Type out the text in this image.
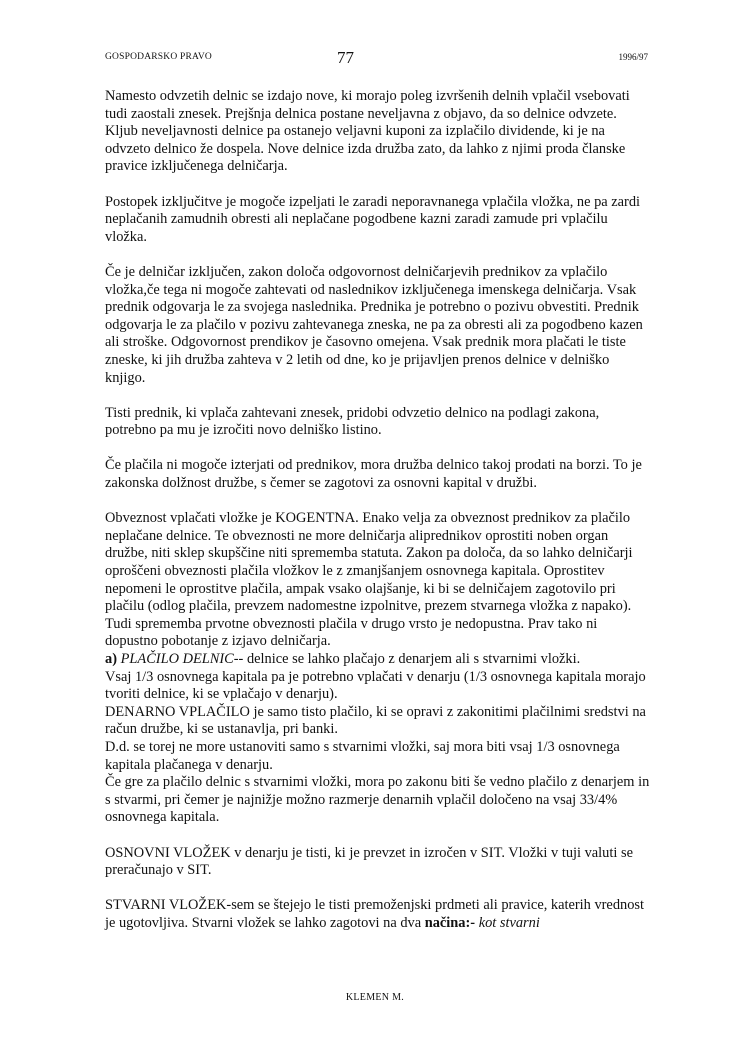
GOSPODARSKO PRAVO	77	1996/97

Namesto odvzetih delnic se izdajo nove, ki morajo poleg izvršenih delnih vplačil vsebovati tudi zaostali znesek. Prejšnja delnica postane neveljavna z objavo, da so delnice odvzete. Kljub neveljavnosti delnice pa ostanejo veljavni kuponi za izplačilo dividende, ki je na odvzeto delnico že dospela. Nove delnice izda družba zato, da lahko z njimi proda članske pravice izključenega delničarja.

Postopek izključitve je mogoče izpeljati le zaradi neporavnanega vplačila vložka, ne pa zardi neplačanih zamudnih obresti ali neplačane pogodbene kazni zaradi zamude pri vplačilu vložka.

Če je delničar izključen, zakon določa odgovornost delničarjevih prednikov za vplačilo vložka,če tega ni mogoče zahtevati od naslednikov izključenega imenskega delničarja. Vsak prednik odgovarja le za svojega naslednika. Prednika je potrebno o pozivu obvestiti. Prednik odgovarja le za plačilo v pozivu zahtevanega zneska, ne pa za obresti ali za pogodbeno kazen ali stroške. Odgovornost prendikov je časovno omejena. Vsak prednik mora plačati le tiste zneske, ki jih družba zahteva v 2 letih od dne, ko je prijavljen prenos delnice v delniško knjigo.

Tisti prednik, ki vplača zahtevani znesek, pridobi odvzetio delnico na podlagi zakona, potrebno pa mu je izročiti novo delniško listino.

Če plačila ni mogoče izterjati od prednikov, mora družba delnico takoj prodati na borzi. To je zakonska dolžnost družbe, s čemer se zagotovi za osnovni kapital v družbi.

Obveznost vplačati vložke je KOGENTNA. Enako velja za obveznost prednikov za plačilo neplačane delnice. Te obveznosti ne more delničarja aliprednikov oprostiti noben organ družbe, niti sklep skupščine niti sprememba statuta. Zakon pa določa, da so lahko delničarji oproščeni obveznosti plačila vložkov le z zmanjšanjem osnovnega kapitala. Oprostitev nepomeni le oprostitve plačila, ampak vsako olajšanje, ki bi se delničajem zagotovilo pri plačilu (odlog plačila, prevzem nadomestne izpolnitve, prezem stvarnega vložka z napako). Tudi sprememba prvotne obveznosti plačila v drugo vrsto je nedopustna. Prav tako ni dopustno pobotanje z izjavo delničarja.

a) PLAČILO DELNIC-- delnice se lahko plačajo z denarjem ali s stvarnimi vložki.

Vsaj 1/3 osnovnega kapitala pa je potrebno vplačati v denarju (1/3 osnovnega kapitala morajo tvoriti delnice, ki se vplačajo v denarju).

DENARNO VPLAČILO je samo tisto plačilo, ki se opravi z zakonitimi plačilnimi sredstvi na račun družbe, ki se ustanavlja, pri banki.

D.d. se torej ne more ustanoviti samo s stvarnimi vložki, saj mora biti vsaj 1/3 osnovnega kapitala plačanega v denarju.

Če gre za plačilo delnic s stvarnimi vložki, mora po zakonu biti še vedno plačilo z denarjem in s stvarmi, pri čemer je najnižje možno razmerje denarnih vplačil določeno na vsaj 33/4% osnovnega kapitala.

OSNOVNI VLOŽEK v denarju je tisti, ki je prevzet in izročen v SIT. Vložki v tuji valuti se preračunajo v SIT.

STVARNI VLOŽEK-sem se štejejo le tisti premoženjski prdmeti ali pravice, katerih vrednost je ugotovljiva. Stvarni vložek se lahko zagotovi na dva načina:- kot stvarni

KLEMEN M.
